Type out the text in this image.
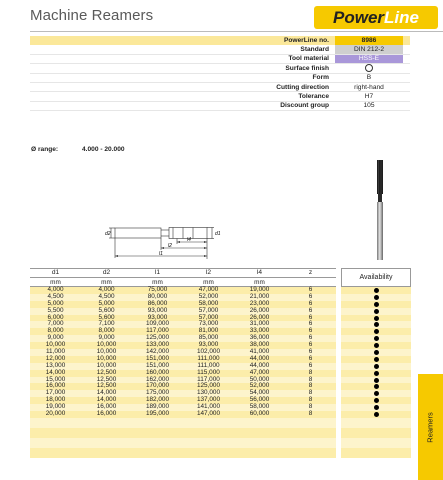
Machine Reamers	Power Line
PowerLine no.	8986
Standard	DIN 212-2
Tool material	HSS-E
Surface finish
Form	B
Cutting direction	right-hand
Tolerance	H7
Discount group	105
Ø range:	4.000 - 20.000
d2	d1
l4
l2
l1
d1	d2	l1	l2	l4	z
mm	mm	mm	mm	mm
4,000	4,000	75,000	47,000	19,000	6
4,500	4,500	80,000	52,000	21,000	6
5,000	5,000	86,000	58,000	23,000	6
5,500	5,600	93,000	57,000	26,000	6
6,000	5,600	93,000	57,000	26,000	6
7,000	7,100	109,000	73,000	31,000	6
8,000	8,000	117,000	81,000	33,000	6
9,000	9,000	125,000	85,000	36,000	6
10,000	10,000	133,000	93,000	38,000	6
11,000	10,000	142,000	102,000	41,000	6
12,000	10,000	151,000	111,000	44,000	6
13,000	10,000	151,000	111,000	44,000	6
14,000	12,500	160,000	115,000	47,000	8
15,000	12,500	162,000	117,000	50,000	8
16,000	12,500	170,000	125,000	52,000	8
17,000	14,000	175,000	130,000	54,000	8
18,000	14,000	182,000	137,000	56,000	8
19,000	16,000	189,000	141,000	58,000	8
20,000	16,000	195,000	147,000	60,000	8
Availability
Reamers
